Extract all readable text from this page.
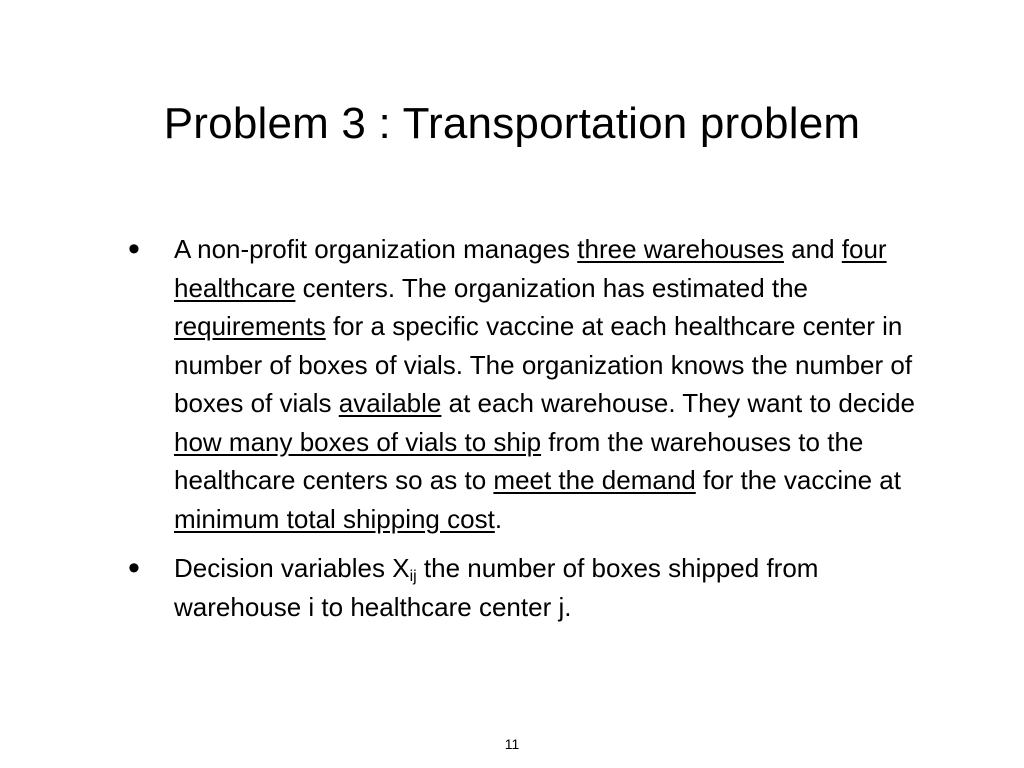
Problem 3 : Transportation problem
• A non-profit organization manages three warehouses and four healthcare centers. The organization has estimated the requirements for a specific vaccine at each healthcare center in number of boxes of vials. The organization knows the number of boxes of vials available at each warehouse. They want to decide how many boxes of vials to ship from the warehouses to the healthcare centers so as to meet the demand for the vaccine at minimum total shipping cost.
• Decision variables $X_{ij}$ the number of boxes shipped from warehouse i to healthcare center j.
11
